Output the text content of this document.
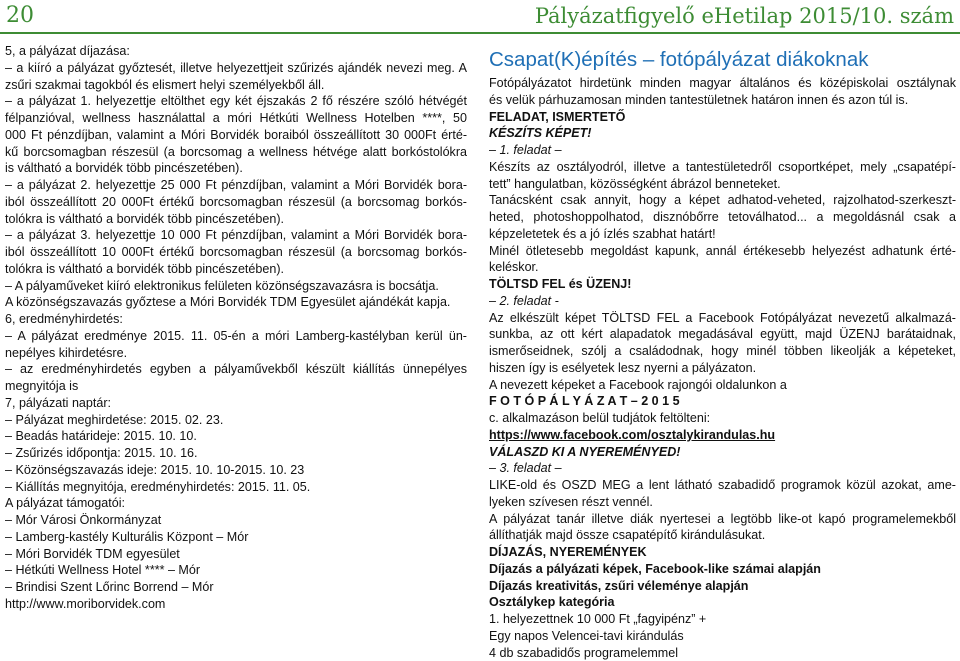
20	Pályázatfigyelő eHetilap 2015/10. szám
5, a pályázat díjazása:
– a kiíró a pályázat győztesét, illetve helyezettjeit szűrizés ajándék nevezi meg. A
zsűri szakmai tagokból és elismert helyi személyekből áll.
– a pályázat 1. helyezettje eltölthet egy két éjszakás 2 fő részére szóló hétvégét
félpanzióval, wellness használattal a móri Hétkúti Wellness Hotelben ****, 50
000 Ft pénzdíjban, valamint a Móri Borvidék boraiból összeállított 30 000Ft érté-
kű borcsomagban részesül (a borcsomag a wellness hétvége alatt borkóstolókra
is váltható a borvidék több pincészetében).
– a pályázat 2. helyezettje 25 000 Ft pénzdíjban, valamint a Móri Borvidék bora-
iból összeállított 20 000Ft értékű borcsomagban részesül (a borcsomag borkós-
tolókra is váltható a borvidék több pincészetében).
– a pályázat 3. helyezettje 10 000 Ft pénzdíjban, valamint a Móri Borvidék bora-
iból összeállított 10 000Ft értékű borcsomagban részesül (a borcsomag borkós-
tolókra is váltható a borvidék több pincészetében).
– A pályaműveket kiíró elektronikus felületen közönségszavazásra is bocsátja.
A közönségszavazás győztese a Móri Borvidék TDM Egyesület ajándékát kapja.
6, eredményhirdetés:
– A pályázat eredménye 2015. 11. 05-én a móri Lamberg-kastélyban kerül ün-
nepélyes kihirdetésre.
– az eredményhirdetés egyben a pályaművekből készült kiállítás ünnepélyes
megnyitója is
7, pályázati naptár:
– Pályázat meghirdetése: 2015. 02. 23.
– Beadás határideje: 2015. 10. 10.
– Zsűrizés időpontja: 2015. 10. 16.
– Közönségszavazás ideje: 2015. 10. 10-2015. 10. 23
– Kiállítás megnyitója, eredményhirdetés: 2015. 11. 05.
A pályázat támogatói:
– Mór Városi Önkormányzat
– Lamberg-kastély Kulturális Központ – Mór
– Móri Borvidék TDM egyesület
– Hétkúti Wellness Hotel **** – Mór
– Brindisi Szent Lőrinc Borrend – Mór
http://www.moriborvidek.com
Csapat(K)építés – fotópályázat diákoknak
Fotópályázatot hirdetünk minden magyar általános és középiskolai osztálynak
és velük párhuzamosan minden tantestületnek határon innen és azon túl is.
FELADAT, ISMERTETŐ
KÉSZÍTS KÉPET!
– 1. feladat –
Készíts az osztályodról, illetve a tantestületedről csoportképet, mely „csapatépí-
tett” hangulatban, közösségként ábrázol benneteket.
Tanácsként csak annyit, hogy a képet adhatod-veheted, rajzolhatod-szerkeszt-
heted, photoshoppolhatod, disznóbőrre tetoválhatod... a megoldásnál csak a
képzeletetek és a jó ízlés szabhat határt!
Minél ötletesebb megoldást kapunk, annál értékesebb helyezést adhatunk érté-
keléskor.
TÖLTSD FEL és ÜZENJ!
– 2. feladat -
Az elkészült képet TÖLTSD FEL a Facebook Fotópályázat nevezetű alkalmazá-
sunkba, az ott kért alapadatok megadásával együtt, majd ÜZENJ barátaidnak,
ismerőseidnek, szólj a családodnak, hogy minél többen likeolják a képeteket,
hiszen így is esélyetek lesz nyerni a pályázaton.
A nevezett képeket a Facebook rajongói oldalunkon a
F O T Ó P Á L Y Á Z A T – 2 0 1 5
c. alkalmazáson belül tudjátok feltölteni:
https://www.facebook.com/osztalykirandulas.hu
VÁLASZD KI A NYEREMÉNYED!
– 3. feladat –
LIKE-old és OSZD MEG a lent látható szabadidő programok közül azokat, ame-
lyeken szívesen részt vennél.
A pályázat tanár illetve diák nyertesei a legtöbb like-ot kapó programelemekből
állíthatják majd össze csapatépítő kirándulásukat.
DÍJAZÁS, NYEREMÉNYEK
Díjazás a pályázati képek, Facebook-like számai alapján
Díjazás kreativitás, zsűri véleménye alapján
Osztálykep kategória
1. helyezettnek 10 000 Ft „fagyipénz” +
Egy napos Velencei-tavi kirándulás
4 db szabadidős programelemmel
